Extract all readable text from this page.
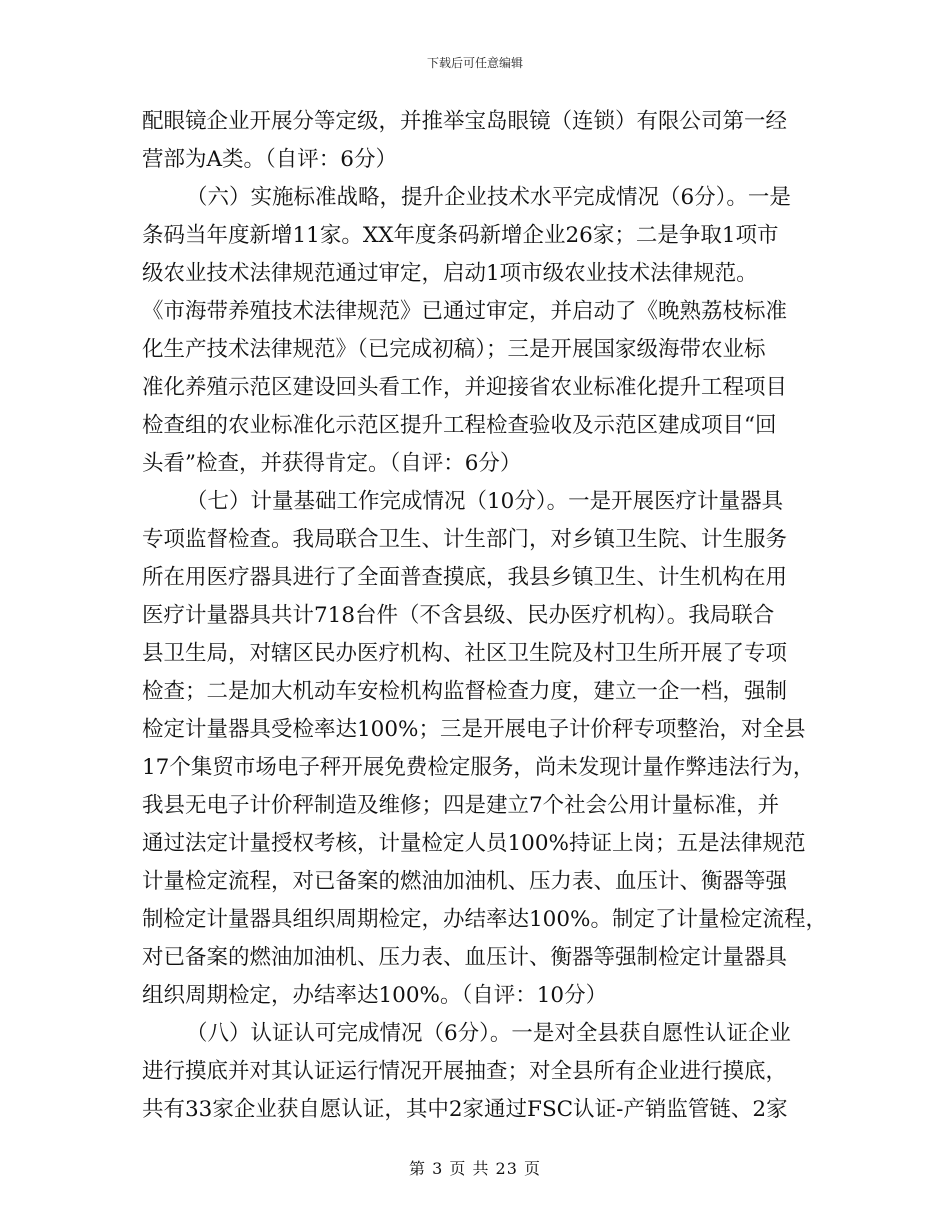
下载后可任意编辑
配眼镜企业开展分等定级，并推举宝岛眼镜（连锁）有限公司第一经
营部为A类。（自评：6分）
（六）实施标准战略，提升企业技术水平完成情况（6分）。一是
条码当年度新增11家。XX年度条码新增企业26家；二是争取1项市
级农业技术法律规范通过审定，启动1项市级农业技术法律规范。
《市海带养殖技术法律规范》已通过审定，并启动了《晚熟荔枝标准
化生产技术法律规范》（已完成初稿）；三是开展国家级海带农业标
准化养殖示范区建设回头看工作，并迎接省农业标准化提升工程项目
检查组的农业标准化示范区提升工程检查验收及示范区建成项目“回
头看”检查，并获得肯定。（自评：6分）
（七）计量基础工作完成情况（10分）。一是开展医疗计量器具
专项监督检查。我局联合卫生、计生部门，对乡镇卫生院、计生服务
所在用医疗器具进行了全面普查摸底，我县乡镇卫生、计生机构在用
医疗计量器具共计718台件（不含县级、民办医疗机构）。我局联合
县卫生局，对辖区民办医疗机构、社区卫生院及村卫生所开展了专项
检查；二是加大机动车安检机构监督检查力度，建立一企一档，强制
检定计量器具受检率达100%；三是开展电子计价秤专项整治，对全县
17个集贸市场电子秤开展免费检定服务，尚未发现计量作弊违法行为，
我县无电子计价秤制造及维修；四是建立7个社会公用计量标准，并
通过法定计量授权考核，计量检定人员100%持证上岗；五是法律规范
计量检定流程，对已备案的燃油加油机、压力表、血压计、衡器等强
制检定计量器具组织周期检定，办结率达100%。制定了计量检定流程，
对已备案的燃油加油机、压力表、血压计、衡器等强制检定计量器具
组织周期检定，办结率达100%。（自评：10分）
（八）认证认可完成情况（6分）。一是对全县获自愿性认证企业
进行摸底并对其认证运行情况开展抽查；对全县所有企业进行摸底，
共有33家企业获自愿认证，其中2家通过FSC认证-产销监管链、2家
第 3 页 共 23 页
